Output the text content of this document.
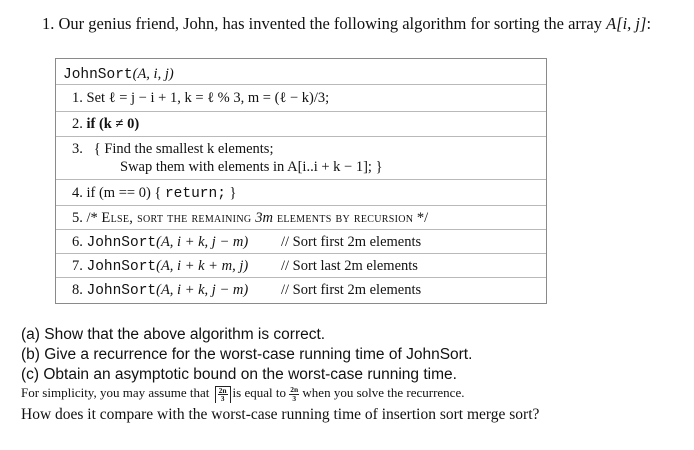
1. Our genius friend, John, has invented the following algorithm for sorting the array A[i, j]:
JohnSort(A, i, j)
1. Set ℓ = j − i + 1, k = ℓ % 3, m = (ℓ − k)/3;
2. if (k ≠ 0)
3. { Find the smallest k elements;
Swap them with elements in A[i..i + k − 1]; }
4. if (m == 0) { return; }
5. /* Else, sort the remaining 3m elements by recursion */
6. JohnSort(A, i + k, j − m) // Sort first 2m elements
7. JohnSort(A, i + k + m, j) // Sort last 2m elements
8. JohnSort(A, i + k, j − m) // Sort first 2m elements
(a) Show that the above algorithm is correct.
(b) Give a recurrence for the worst-case running time of JohnSort.
(c) Obtain an asymptotic bound on the worst-case running time.
For simplicity, you may assume that $\frac{2n}{3}$ is equal to $\frac{2n}{3}$ when you solve the recurrence.
How does it compare with the worst-case running time of insertion sort merge sort?
